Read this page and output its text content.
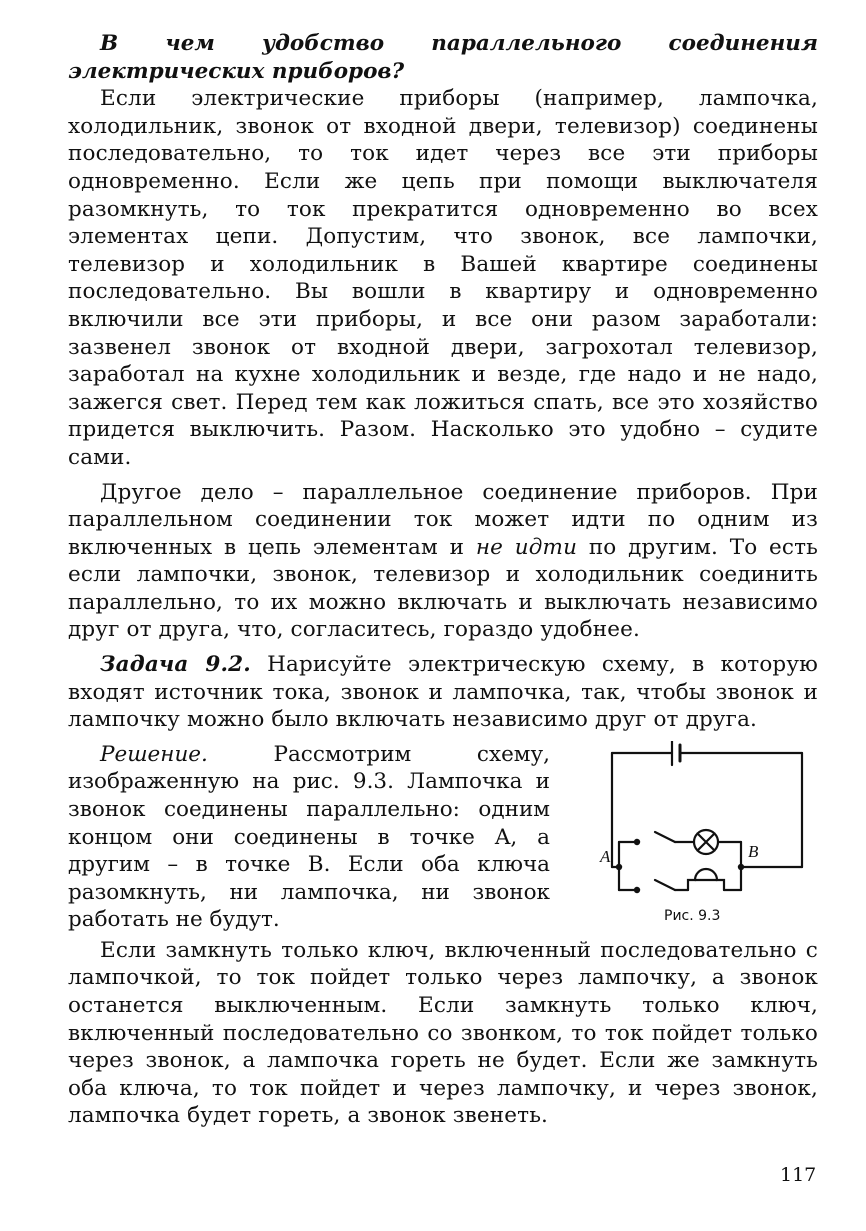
В чем удобство параллельного соединения электрических приборов?

Если электрические приборы (например, лампочка, холодильник, звонок от входной двери, телевизор) соединены последовательно, то ток идет через все эти приборы одновременно. Если же цепь при помощи выключателя разомкнуть, то ток прекратится одновременно во всех элементах цепи. Допустим, что звонок, все лампочки, телевизор и холодильник в Вашей квартире соединены последовательно. Вы вошли в квартиру и одновременно включили все эти приборы, и все они разом заработали: зазвенел звонок от входной двери, загрохотал телевизор, заработал на кухне холодильник и везде, где надо и не надо, зажегся свет. Перед тем как ложиться спать, все это хозяйство придется выключить. Разом. Насколько это удобно – судите сами.

Другое дело – параллельное соединение приборов. При параллельном соединении ток может идти по одним из включенных в цепь элементам и не идти по другим. То есть если лампочки, звонок, телевизор и холодильник соединить параллельно, то их можно включать и выключать независимо друг от друга, что, согласитесь, гораздо удобнее.

Задача 9.2. Нарисуйте электрическую схему, в которую входят источник тока, звонок и лампочка, так, чтобы звонок и лампочку можно было включать независимо друг от друга.

Решение. Рассмотрим схему, изображенную на рис. 9.3. Лампочка и звонок соединены параллельно: одним концом они соединены в точке A, а другим – в точке B. Если оба ключа разомкнуть, ни лампочка, ни звонок работать не будут.

A	B
Рис. 9.3

Если замкнуть только ключ, включенный последовательно с лампочкой, то ток пойдет только через лампочку, а звонок останется выключенным. Если замкнуть только ключ, включенный последовательно со звонком, то ток пойдет только через звонок, а лампочка гореть не будет. Если же замкнуть оба ключа, то ток пойдет и через лампочку, и через звонок, лампочка будет гореть, а звонок звенеть.

117
